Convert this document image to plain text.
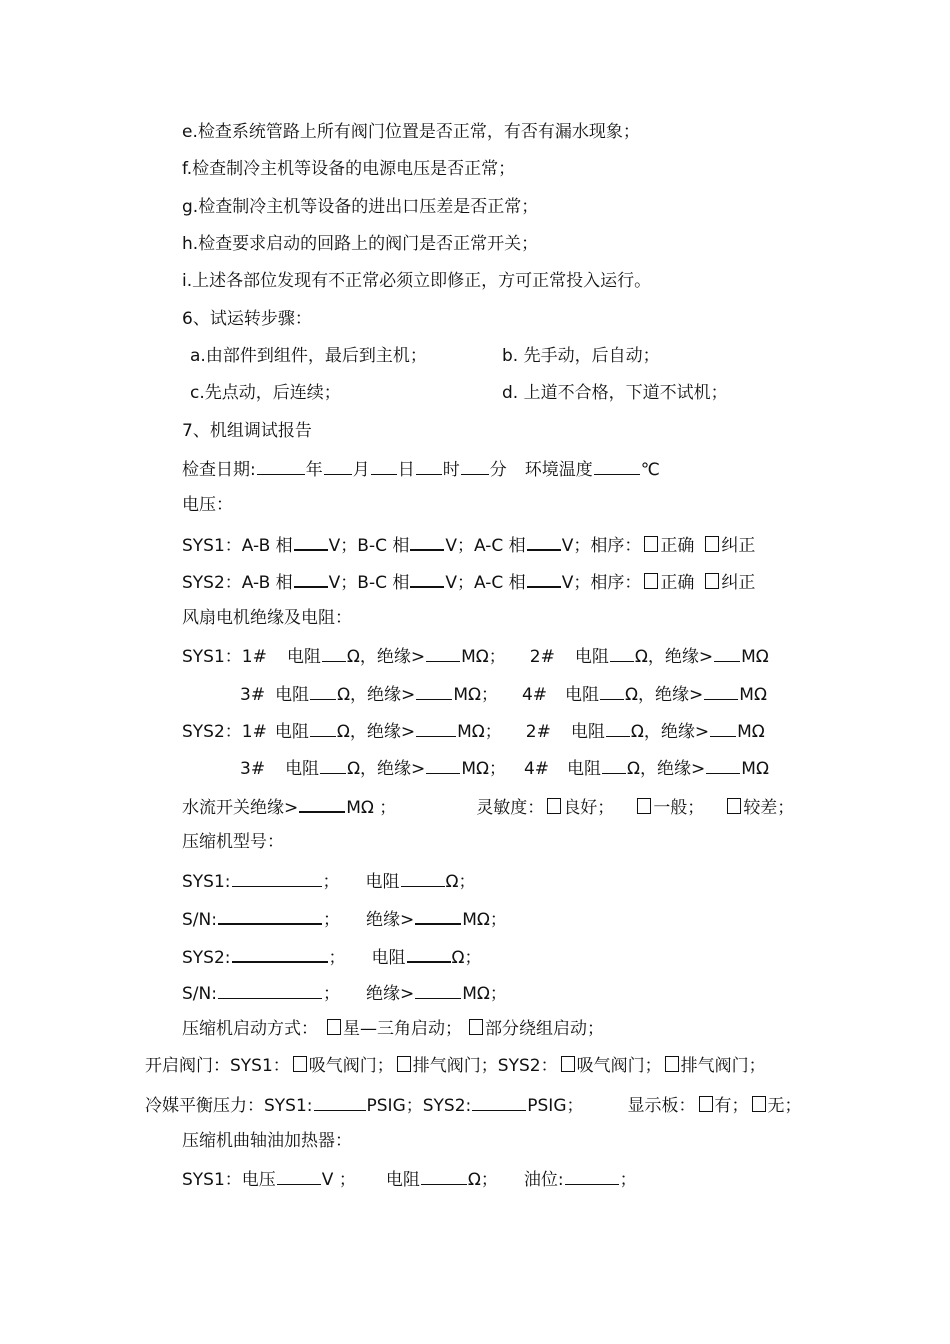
e.检查系统管路上所有阀门位置是否正常，有否有漏水现象；
f.检查制冷主机等设备的电源电压是否正常；
g.检查制冷主机等设备的进出口压差是否正常；
h.检查要求启动的回路上的阀门是否正常开关；
i.上述各部位发现有不正常必须立即修正，方可正常投入运行。
6、试运转步骤：
a.由部件到组件，最后到主机；	b. 先手动，后自动；
c.先点动，后连续；	d. 上道不合格，下道不试机；
7、机组调试报告
检查日期:	年 月 日 时 分 环境温度	℃
电压：
SYS1：A-B 相 V；B-C 相 V；A-C 相 V；相序： 正确 纠正
SYS2：A-B 相 V；B-C 相 V；A-C 相 V；相序： 正确 纠正
风扇电机绝缘及电阻：
SYS1：1# 电阻 Ω，绝缘> MΩ； 2# 电阻 Ω，绝缘> MΩ
3# 电阻 Ω，绝缘> MΩ； 4# 电阻 Ω，绝缘> MΩ
SYS2：1# 电阻 Ω，绝缘> MΩ； 2# 电阻 Ω，绝缘> MΩ
3# 电阻 Ω，绝缘> MΩ； 4# 电阻 Ω，绝缘> MΩ
水流开关绝缘>	MΩ ；	灵敏度： 良好； 一般； 较差；
压缩机型号：
SYS1:	； 电阻	Ω；
S/N:	； 绝缘>	MΩ；
SYS2:	； 电阻	Ω；
S/N:	； 绝缘>	MΩ；
压缩机启动方式： 星—三角启动； 部分绕组启动；
开启阀门：SYS1： 吸气阀门； 排气阀门；SYS2： 吸气阀门； 排气阀门；
冷媒平衡压力：SYS1:	PSIG；SYS2:	PSIG；	显示板： 有； 无；
压缩机曲轴油加热器：
SYS1：电压	V ； 电阻	Ω； 油位:	；
